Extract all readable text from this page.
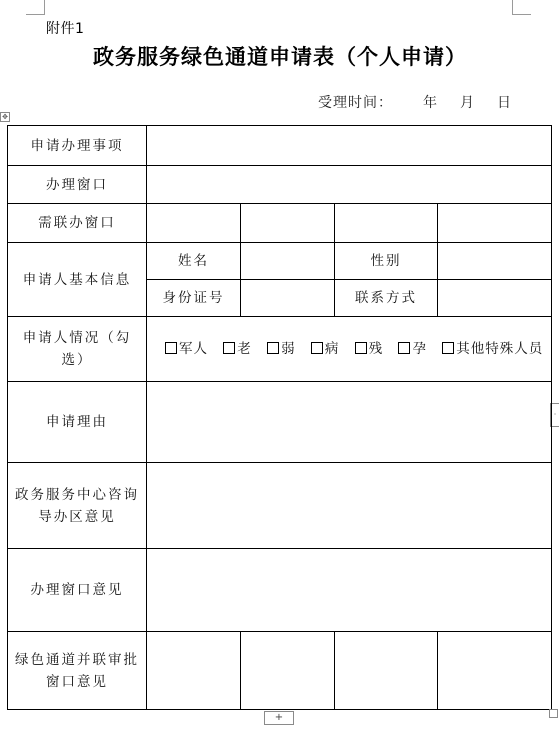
✥
·
附件1
政务服务绿色通道申请表（个人申请）
受理时间： 年 月 日
申请办理事项				
办理窗口				
需联办窗口				
申请人基本信息	姓名		性别	
	身份证号		联系方式	
申请人情况（勾选）	军人 老 弱 病 残 孕 其他特殊人员			
申请理由				
政务服务中心咨询导办区意见				
办理窗口意见				
绿色通道并联审批窗口意见				
+
